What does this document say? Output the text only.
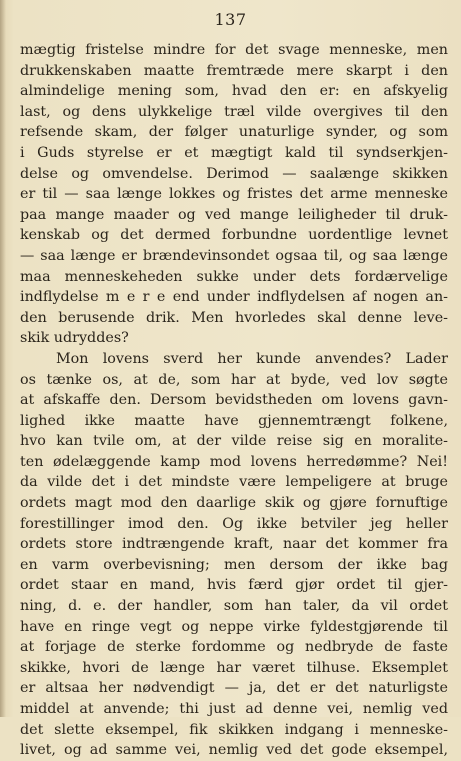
137
mægtig fristelse mindre for det svage menneske, men
drukkenskaben maatte fremtræde mere skarpt i den
almindelige mening som, hvad den er: en afskyelig
last, og dens ulykkelige træl vilde overgives til den
refsende skam, der følger unaturlige synder, og som
i Guds styrelse er et mægtigt kald til syndserkjen-
delse og omvendelse. Derimod — saalænge skikken
er til — saa længe lokkes og fristes det arme menneske
paa mange maader og ved mange leiligheder til druk-
kenskab og det dermed forbundne uordentlige levnet
— saa længe er brændevinsondet ogsaa til, og saa længe
maa menneskeheden sukke under dets fordærvelige
indflydelse m e r e end under indflydelsen af nogen an-
den berusende drik. Men hvorledes skal denne leve-
skik udryddes?
Mon lovens sverd her kunde anvendes? Lader
os tænke os, at de, som har at byde, ved lov søgte
at afskaffe den. Dersom bevidstheden om lovens gavn-
lighed ikke maatte have gjennemtrængt folkene,
hvo kan tvile om, at der vilde reise sig en moralite-
ten ødelæggende kamp mod lovens herredømme? Nei!
da vilde det i det mindste være lempeligere at bruge
ordets magt mod den daarlige skik og gjøre fornuftige
forestillinger imod den. Og ikke betviler jeg heller
ordets store indtrængende kraft, naar det kommer fra
en varm overbevisning; men dersom der ikke bag
ordet staar en mand, hvis færd gjør ordet til gjer-
ning, d. e. der handler, som han taler, da vil ordet
have en ringe vegt og neppe virke fyldestgjørende til
at forjage de sterke fordomme og nedbryde de faste
skikke, hvori de længe har været tilhuse. Eksemplet
er altsaa her nødvendigt — ja, det er det naturligste
middel at anvende; thi just ad denne vei, nemlig ved
det slette eksempel, fik skikken indgang i menneske-
livet, og ad samme vei, nemlig ved det gode eksempel,
